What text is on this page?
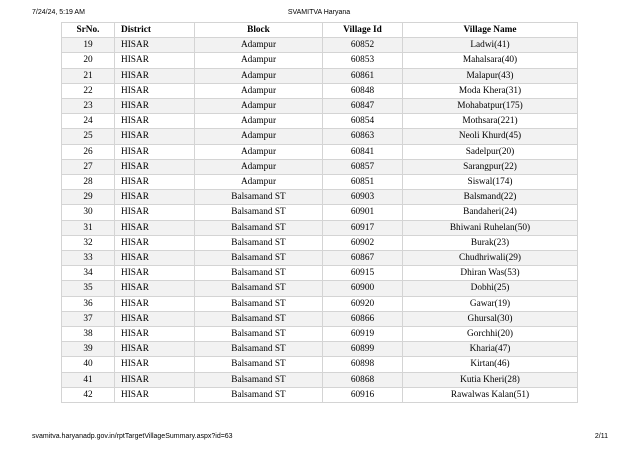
7/24/24, 5:19 AM	SVAMITVA Haryana
SrNo.	District	Block	Village Id	Village Name
19	HISAR	Adampur	60852	Ladwi(41)
20	HISAR	Adampur	60853	Mahalsara(40)
21	HISAR	Adampur	60861	Malapur(43)
22	HISAR	Adampur	60848	Moda Khera(31)
23	HISAR	Adampur	60847	Mohabatpur(175)
24	HISAR	Adampur	60854	Mothsara(221)
25	HISAR	Adampur	60863	Neoli Khurd(45)
26	HISAR	Adampur	60841	Sadelpur(20)
27	HISAR	Adampur	60857	Sarangpur(22)
28	HISAR	Adampur	60851	Siswal(174)
29	HISAR	Balsamand ST	60903	Balsmand(22)
30	HISAR	Balsamand ST	60901	Bandaheri(24)
31	HISAR	Balsamand ST	60917	Bhiwani Ruhelan(50)
32	HISAR	Balsamand ST	60902	Burak(23)
33	HISAR	Balsamand ST	60867	Chudhriwali(29)
34	HISAR	Balsamand ST	60915	Dhiran Was(53)
35	HISAR	Balsamand ST	60900	Dobhi(25)
36	HISAR	Balsamand ST	60920	Gawar(19)
37	HISAR	Balsamand ST	60866	Ghursal(30)
38	HISAR	Balsamand ST	60919	Gorchhi(20)
39	HISAR	Balsamand ST	60899	Kharia(47)
40	HISAR	Balsamand ST	60898	Kirtan(46)
41	HISAR	Balsamand ST	60868	Kutia Kheri(28)
42	HISAR	Balsamand ST	60916	Rawalwas Kalan(51)
svamitva.haryanadp.gov.in/rptTargetVillageSummary.aspx?id=63	2/11
